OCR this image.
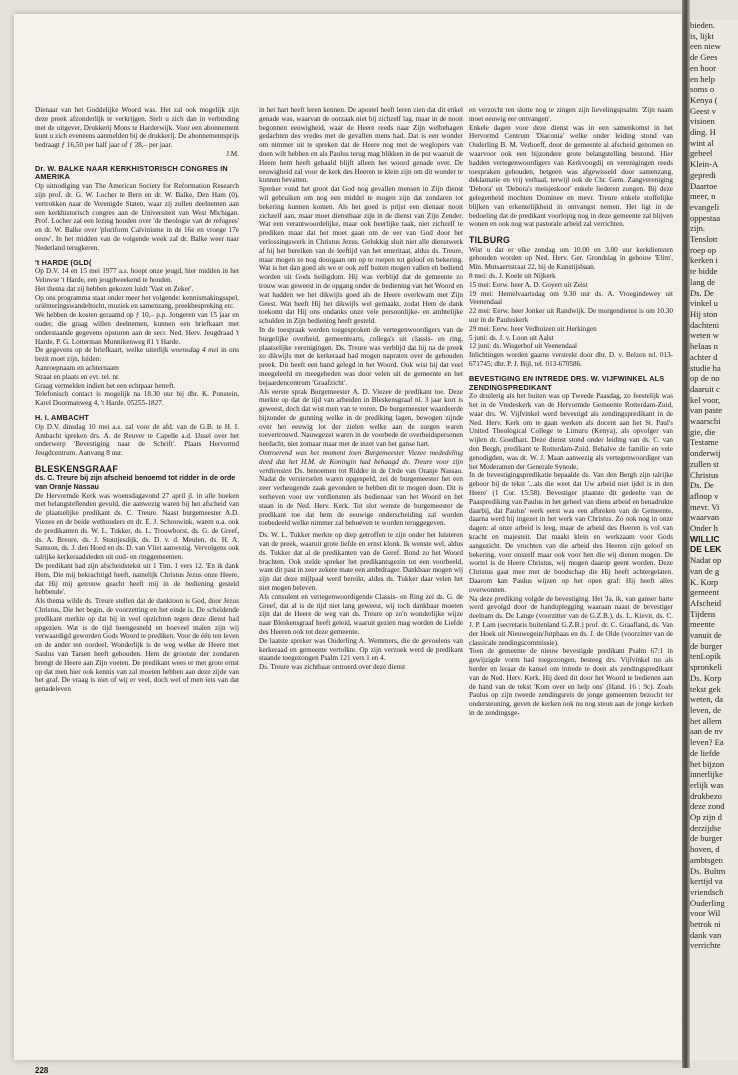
bieden.
is, lijkt
een niew
de Gees
en hoor
en help
soms o
Kenya (
Geest v
visioen
ding. H
wint al
geheel
Klein-A
gepredi
Daartoe
meer, n
evangeli
oppestaa
zijn.
Tenslott
roep op
kerken i
te bidde
lang de
Ds. De
vinkel u
Hij ston
dachteni
weten w
helaas n
achter d
studie ha
op de no
daaruit c
kel voor,
van paste
waarschi
gie, die
Testame
onderwij
zullen st
Christus
Ds. De
afloop v
mevr. Vi
waarvan
Onder h
WILLIC
DE LEK
Nadat op
van de g
K. Korp
gemeent
Afscheid
Tijdens
meente
vanuit de
de burger
tenLopik
spronkeli
Ds. Korp
tekst gek
weten, da
leven, de
het allem
aan de nv
leven? Ea
de liefde
het bijzon
innerlijke
erlijk was
drukbezo
deze zond
Op zijn d
derzijdse
de burger
hoven, d
ambtsgen
Ds. Bultm
kertijd va
vriendsch
Ouderling
voor Wil
betrok ni
dank van
verrichte

Dienaar van het Goddelijke Woord was. Het zal ook mogelijk zijn deze preek afzonderlijk te verkrijgen. Stelt u zich dan in verbinding met de uitgever, Drukkerij Mons te Harderwijk. Voor een abonnement kunt u zich eveneens aanmelden bij de drukkerij. De abonnementsprijs bedraagt ƒ 16,50 per half jaar of ƒ 28,– per jaar.

J.M.

Dr. W. BALKE NAAR KERKHISTORISCH CONGRES IN AMERIKA

Op uitnodiging van The American Society for Reformation Research zijn prof. dr. G. W. Locher te Bern en dr. W. Balke, Den Ham (0), vertrokken naar de Verenigde Staten, waar zij zullen deelnemen aan een kerkhistorisch congres aan de Universiteit van West Michigan. Prof. Locher zal een lezing houden over 'de theologie van de refugees' en dr. W. Balke over 'pluriform Calvinisme in de 16e en vroege 17e eeuw'. In het midden van de volgende week zal dr. Balke weer naar Nederland terugkeren.

't HARDE (GLD(

Op D.V. 14 en 15 mei 1977 a.s. hoopt onze jeugd, hier midden in het Veluwse 't Harde, een jeugdweekend te houden.

Het thema dat zij hebben gekozen luidt 'Vast en Zeker'.

Op ons programma staat onder meer het volgende: kennismakingsspel, oriënteringswandeltocht, muziek en samenzang, preekbespreking etc.

We hebben de kosten geraamd op ƒ 10,– p.p. Jongeren van 15 jaar en ouder, die graag willen deelnemen, kunnen een briefkaart met onderstaande gegevens opsturen aan de secr. Ned. Herv. Jeugdraad 't Harde, P. G. Lotterman Munnikenweg 81 't Harde.

De gegevens op de briefkaart, welke uiterlijk woensdag 4 mei in ons bezit moet zijn, luiden:

Aanroepnaam en achternaam

Straat en plaats en evt. tel. nr.

Graag vermelden indien het een echtpaar betreft.

Telefonisch contact is mogelijk na 18.30 uur bij dhr. K. Ponstein, Karel Doormanweg 4, 't Harde. 05255-1827.

H. I. AMBACHT

Op D.V. dinsdag 10 mei a.s. zal voor de afd. van de G.B. te H. I. Ambacht spreken drs. A. de Reuver te Capelle a.d. IJssel over het onderwerp 'Bevestiging naar de Schrift'. Plaats Hervormd Jeugdcentrum. Aanvang 8 uur.

BLESKENSGRAAF
ds. C. Treure bij zijn afscheid benoemd tot ridder in de orde van Oranje Nassau

De Hervormde Kerk was woensdagavond 27 april jl. in alle hoeken met belangstellenden gevuld, die aanwezig waren bij het afscheid van de plaatselijke predikant ds. C. Treure. Naast burgemeester A.D. Viezee en de beide wethouders en dr. E. J. Schouwink, waren o.a. ook de predikanten ds. W. L. Tukker, ds. L. Trouwborst, ds. G. de Greef, ds. A. Breure, ds. J. Stoutjesdijk, ds. D. v. d. Meulen, ds. H. A. Samson, ds. J. den Hoed en ds. D. van Vliet aanwezig. Vervolgens ook talrijke kerkeraadsleden uit oud- en ringgemeenten.

De predikant had zijn afscheidstekst uit 1 Tim. 1 vers 12. 'En ik dank Hem, Die mij bekrachtigd heeft, namelijk Christus Jezus onze Heere, dat Hij mij getrouw geacht heeft mij in de bediening gesteld hebbende'.

Als thema wilde ds. Treure stellen dat de danktoon is God, door Jezus Christus, Die het begin, de voorzetting en het einde is. De scheidende predikant merkte op dat hij in veel opzichten tegen deze dienst had opgezien. Wat is de tijd heengesneld en hoeveel malen zijn wij verwaardigd geworden Gods Woord te prediken. Voor de één ten leven en de ander ten oordeel. Wonderlijk is de weg welke de Heere met Saulus van Tarsen heeft gehouden. Hem de grootste der zondaren brengt de Heere aan Zijn voeten. De predikant wees er met grote ernst op dat men hier ook kennis van zal moeten hebben aan deze zijde van het graf. De vraag is niet of wij er veel, doch wel of men iets van dat genadeleven

in het hart heeft leren kennen. De apostel heeft leren zien dat dit enkel genade was, waarvan de oorzaak niet bij zichzelf lag, maar in de nooit begonnen eeuwigheid, waar de Heere reeds naar Zijn welbehagen gedachten des vredes met de gevallen mens had. Dat is een wonder om nimmer uit te spreken dat de Heere nog met de weglopers van doen wilt hebben en als Paulus terug mag blikken in de put waaruit de Heere hem heeft gehaald blijft alleen het woord genade over. De eeuwigheid zal voor de kerk des Heeren te klein zijn om dit wonder te kunnen bevatten.

Spreker vond het groot dat God nog gevallen mensen in Zijn dienst wil gebruiken om nog een middel te mogen zijn dat zondaren tot bekering kunnen komen. Als het goed is prijst een dienaar nooit zichzelf aan, maar moet dienstbaar zijn in de dienst van Zijn Zender. Wat een verantwoordelijke, maar ook heerlijke taak, niet zichzelf te prediken maar dat het moet gaan om de eer van God door het verlossingswerk in Christus Jezus. Gelukkig sluit niet alle dienstwerk af bij het bereiken van de leeftijd van het emeritaat, aldus ds. Treure, maar mogen ze nog doorgaan om op te roepen tot geloof en bekering. Wat is het dan goed als we er ook zelf buiten mogen vallen eh bediend worden uit Gods heiligdom. Hij was verblijd dat de gemeente zo trouw was geweest in de opgang onder de bediening van het Woord en wat hadden we het dikwijls goed als de Heere overkwam met Zijn Geest. Wat heeft Hij het dikwijls wel gemaakt, zodat Hem de dank toekomt dat Hij ons ondanks onze vele persoonlijke- en ambtelijke schulden in Zijn bediening heeft gesteld.

In de toespraak werden toegesproken de vertegenwoordigers van de burgelijke overheid, gemeentearts, collega's uit classis- en ring, plaatselijke verenigingen. Ds. Treure was verblijd dat hij na de preek zo dikwijls met de kerkeraad had mogen napraten over de gehouden preek. Dit heeft een band gelegd in het Woord. Ook wist hij dat veel meegeleefd en meegebeden was door velen uit de gemeente en het bejaardencentrum 'Graafzicht'.

Als eerste sprak Burgemeester A. D. Viezee de predikant toe. Deze merkte op dat de tijd van arbeiden in Bleskensgraaf nl. 3 jaar kort is geweest, doch dat wist men van te voren. De burgemeester waardeerde bijzonder de gunning welke in de prediking lagen, bewogen zijnde over het eeuwig lot der zielen welke aan de zorgen waren toevertrouwd. Nauwgezet waren in de voorbede de overheidspersonen herdacht, niet zomaar maar met de inzet van het ganse hart.

Ontroerend was het moment toen Burgemeester Viezee mededeling deed dat het H.M. de Koningin had behaagd ds. Treure voor zijn verdiensten Ds. benoemen tot Ridder in de Orde van Oranje Nassau. Nadat de versierselen waren opgespeld, zei de burgemeester het een zeer verheugende zaak gevonden te hebben dit te mogen doen. Dit is verheven voor uw verdiensten als bedienaar van het Woord en het staan in de Ned. Herv. Kerk. Tot slot wenste de burgemeester de predikant toe dat hem de eeuwige onderscheiding zal worden toebedeeld welke nimmer zal behoeven te worden teruggegeven.

Ds. W. L. Tukker merkte op dieр getroffen te zijn onder het luisteren van de preek, waaruit grote liefde en ernst klonk. Ik wenste wel, aldus ds. Tukker dat al de predikanten van de Geref. Bond zo het Woord brachten. Ook stelde spreker het predikantsgezin tot een voorbeeld, want dit past in zeer zekere mate een ambtdrager. Dankbaar mogen wij zijn dat deze mijlpaal werd bereikt, aldus ds. Tukker daar velen het niet mogen beleven.

Als consulent en vertegenwoordigende Classis- en Ring zei ds. G. de Greef, dat al is de tijd niet lang geweest, wij toch dankbaar moeten zijn dat de Heere de weg van ds. Treure op zo'n wonderlijke wijze naar Bleskensgraaf heeft geleid, waaruit gezien mag worden de Liefde des Heeren ook tot deze gemeente.

De laatste spreker was Ouderling A. Wemmers, die de gevoelens van kerkeraad en gemeente vertolkte. Op zijn verzoek werd de predikant staande toegezongen Psalm 121 vers 1 en 4.

Ds. Treure was zichtbaar ontroerd over deze dienst

en verzocht ten slotte nog te zingen zijn lievelingspsalm: 'Zijn naam moet eeuwig eer ontvangen'.

Enkele dagen voor deze dienst was in een samenkomst in het Hervormd Centrum 'Diaconia' welke onder leiding stond van Ouderling B. M. Verhoeff, door de gemeente al afscheid genomen en waarvoor ook een bijzondere grote belangstelling bestond. Hier hadden vertegenwoordigers van Kerkvoogdij en verenigingen reeds toespraken gehouden, hetgeen was afgewisseld door samenzang, deklamatie en vrij verhaal, terwijl ook de Chr. Gem. Zangvereniging 'Debora' en 'Debora's meisjeskoor' enkele liederen zongen. Bij deze gelegenheid mochten Domineе en mevr. Treure enkele stoffelijke blijken van erkentelijkheid in ontvangst nemen. Het ligt in de bedoeling dat de predikant voorlopig nog in deze gemeente zal blijven wonen en ook nog wat pastorale arbeid zal verrichten.

TILBURG

Wist u dat er elke zondag om 10.00 en 3.00 uur kerkdiensten gehouden worden op Ned. Herv. Ger. Grondslag in gebouw 'Elim', Min. Mutsaertstraat 22, bij de Kunstijsbaan.

8 mei: ds. J. Koele uit Nijkerk

15 mei: Eerw. heer A. D. Goyert uit Zeist

19 mei: Hemelvaartsdag om 9.30 uur ds. A. Vroegindewey uit Veenendaal

22 mei: Eerw. heer Jonker uit Randwijk. De morgendienst is om 10.30 uur in de Pauluskerk

29 mei: Eerw. heer Vedhuizen uit Herkingen

5 juni: ds. J. v. Loon uit Aalst

12 juni: ds. Wisgerhof uit Veenendaal

Inlichtingen worden gaarne verstrekt door dhr. D. v. Belzen tel. 013-671745; dhr. P. J. Bijl, tel. 013-670586.

BEVESTIGING EN INTREDE DRS. W. VIJFWINKEL ALS ZENDINGSPREDIKANT

Zo druilerig als het buiten was op Tweede Paasdag, zo feestelijk was het in de Vredeskerk van de Hervormde Gemeente Rotterdam-Zuid, waar drs. W. Vijfvinkel werd bevestigd als zendingspredikant in de Ned. Herv. Kerk om te gaan werken als docent aan het St. Paul's United Theological College te Limuru (Kenya), als opvolger van wijlen dr. Goedhart. Deze dienst stond onder leiding van ds. C. van den Bergh, predikant te Rotterdam-Zuid. Behalve de familie en vele genodigden, was dr. W. J. Maan aanwezig als vertegenwoordiger van het Moderamen der Generale Synode,

In de bevestigingspredikatie bepaalde ds. Van den Bergh zijn talrijke gehoor bij de tekst '...als die weet dat Uw arbeid niet ijdel is in den Heere' (1 Cor. 15:58). Bevestiger plaatste dit gedeelte van de Paasprediking van Paulus in het geheel van diens arbeid en benadrukte daarbij, dat Paulus' werk eerst was een afbreken van de Gemeente, daarna werd hij ingezet in het werk van Christus. Zo ook nog in onze dagen: al onze arbeid is leeg, maar de arbeid des Heeren is vol van kracht en majesteit. Dat maakt klein en werkzaam voor Gods aangezicht. De vruchten van die arbeid des Heeren zijn geloof en bekering, voor onszelf maar ook voor hen die wij dienen mogen. De wortel is de Heere Christus, wij mogen daarop geent worden. Deze Christus gaat mee met de boodschap die Hij heeft achtergelaten. Daarom kan Paulus wijzen op het open graf: Hij heeft alles overwonnen.

Na deze prediking volgde de bevestiging. Het 'Ja, ik, van ganser harte werd gevolgd door de handoplegging waaraan naast de bevestiger deelnam ds. De Lange (voorzitter van de G.Z.B.), ds. L. Kievit, ds. C. J. P. Lam (secretaris buitenland G.Z.B.) prof. dr. C. Graafland, ds. Van der Hoek uit Nieuwegein/Jutphaas en ds. J. de Olde (voorzitter van de classicale zendingscommissie).

Toen de gemeente de nieuw bevestigde predikant Psalm 67:1 in gewijzigde vorm had toegezongen, besteeg drs. Vijfvinkel nu als herder en leraar de kansel om intrede te doen als zendingspredikant van de Ned. Herv. Kerk. Hij deed dit door het Woord te bedienen aan de hand van de tekst 'Kom over en help ons' (Hand. 16 : 9c). Zoals Paulus op zijn tweede zendingsreis de jonge gemeenten bezocht ter ondersteuning, geven de kerken ook nu nog steun aan de jonge kerken in de zendingsge-

228
